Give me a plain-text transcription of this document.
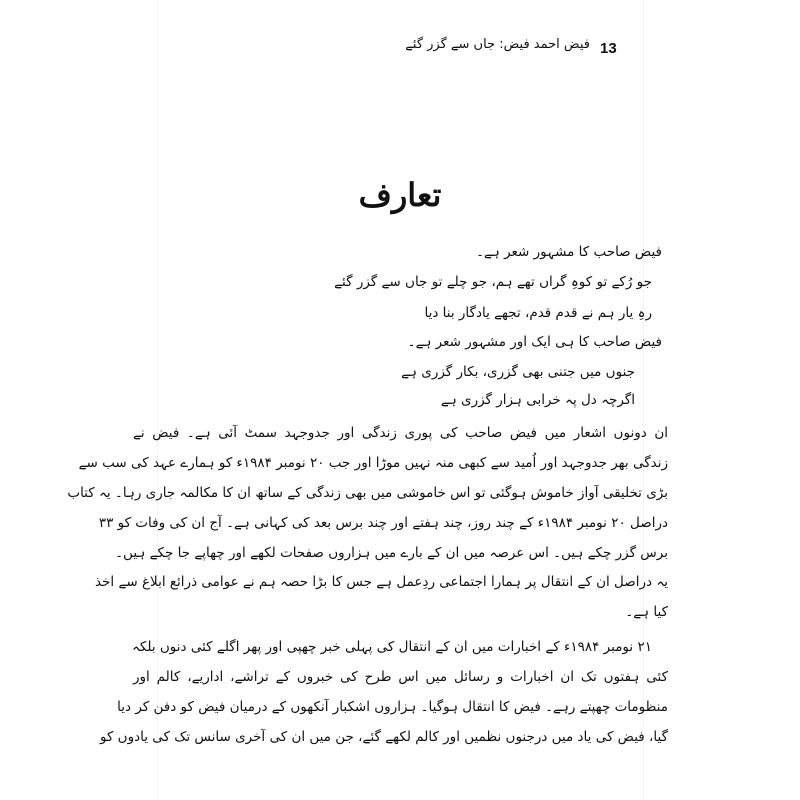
فیض احمد فیض: جاں سے گزر گئے 13
تعارف
فیض صاحب کا مشہور شعر ہے۔
جو رُکے تو کوہِ گراں تھے ہم، جو چلے تو جاں سے گزر گئے
رہِ یار ہم نے قدم قدم، تجھے یادگار بنا دیا
فیض صاحب کا ہی ایک اور مشہور شعر ہے۔
جنوں میں جتنی بھی گزری، بکار گزری ہے
اگرچہ دل پہ خرابی ہزار گزری ہے
ان دونوں اشعار میں فیض صاحب کی پوری زندگی اور جدوجہد سمٹ آئی ہے۔ فیض نے
زندگی بھر جدوجہد اور اُمید سے کبھی منہ نہیں موڑا اور جب ۲۰ نومبر ۱۹۸۴ء کو ہمارے عہد کی سب سے
بڑی تخلیقی آواز خاموش ہوگئی تو اس خاموشی میں بھی زندگی کے ساتھ ان کا مکالمہ جاری رہا۔ یہ کتاب
دراصل ۲۰ نومبر ۱۹۸۴ء کے چند روز، چند ہفتے اور چند برس بعد کی کہانی ہے۔ آج ان کی وفات کو ۳۳
برس گزر چکے ہیں۔ اس عرصہ میں ان کے بارے میں ہزاروں صفحات لکھے اور چھاپے جا چکے ہیں۔
یہ دراصل ان کے انتقال پر ہمارا اجتماعی ردِعمل ہے جس کا بڑا حصہ ہم نے عوامی ذرائع ابلاغ سے اخذ
کیا ہے۔
۲۱ نومبر ۱۹۸۴ء کے اخبارات میں ان کے انتقال کی پہلی خبر چھپی اور پھر اگلے کئی دنوں بلکہ
کئی ہفتوں تک ان اخبارات و رسائل میں اس طرح کی خبروں کے تراشے، اداریے، کالم اور
منظومات چھپتے رہے۔ فیض کا انتقال ہوگیا۔ ہزاروں اشکبار آنکھوں کے درمیان فیض کو دفن کر دیا
گیا، فیض کی یاد میں درجنوں نظمیں اور کالم لکھے گئے، جن میں ان کی آخری سانس تک کی یادوں کو
